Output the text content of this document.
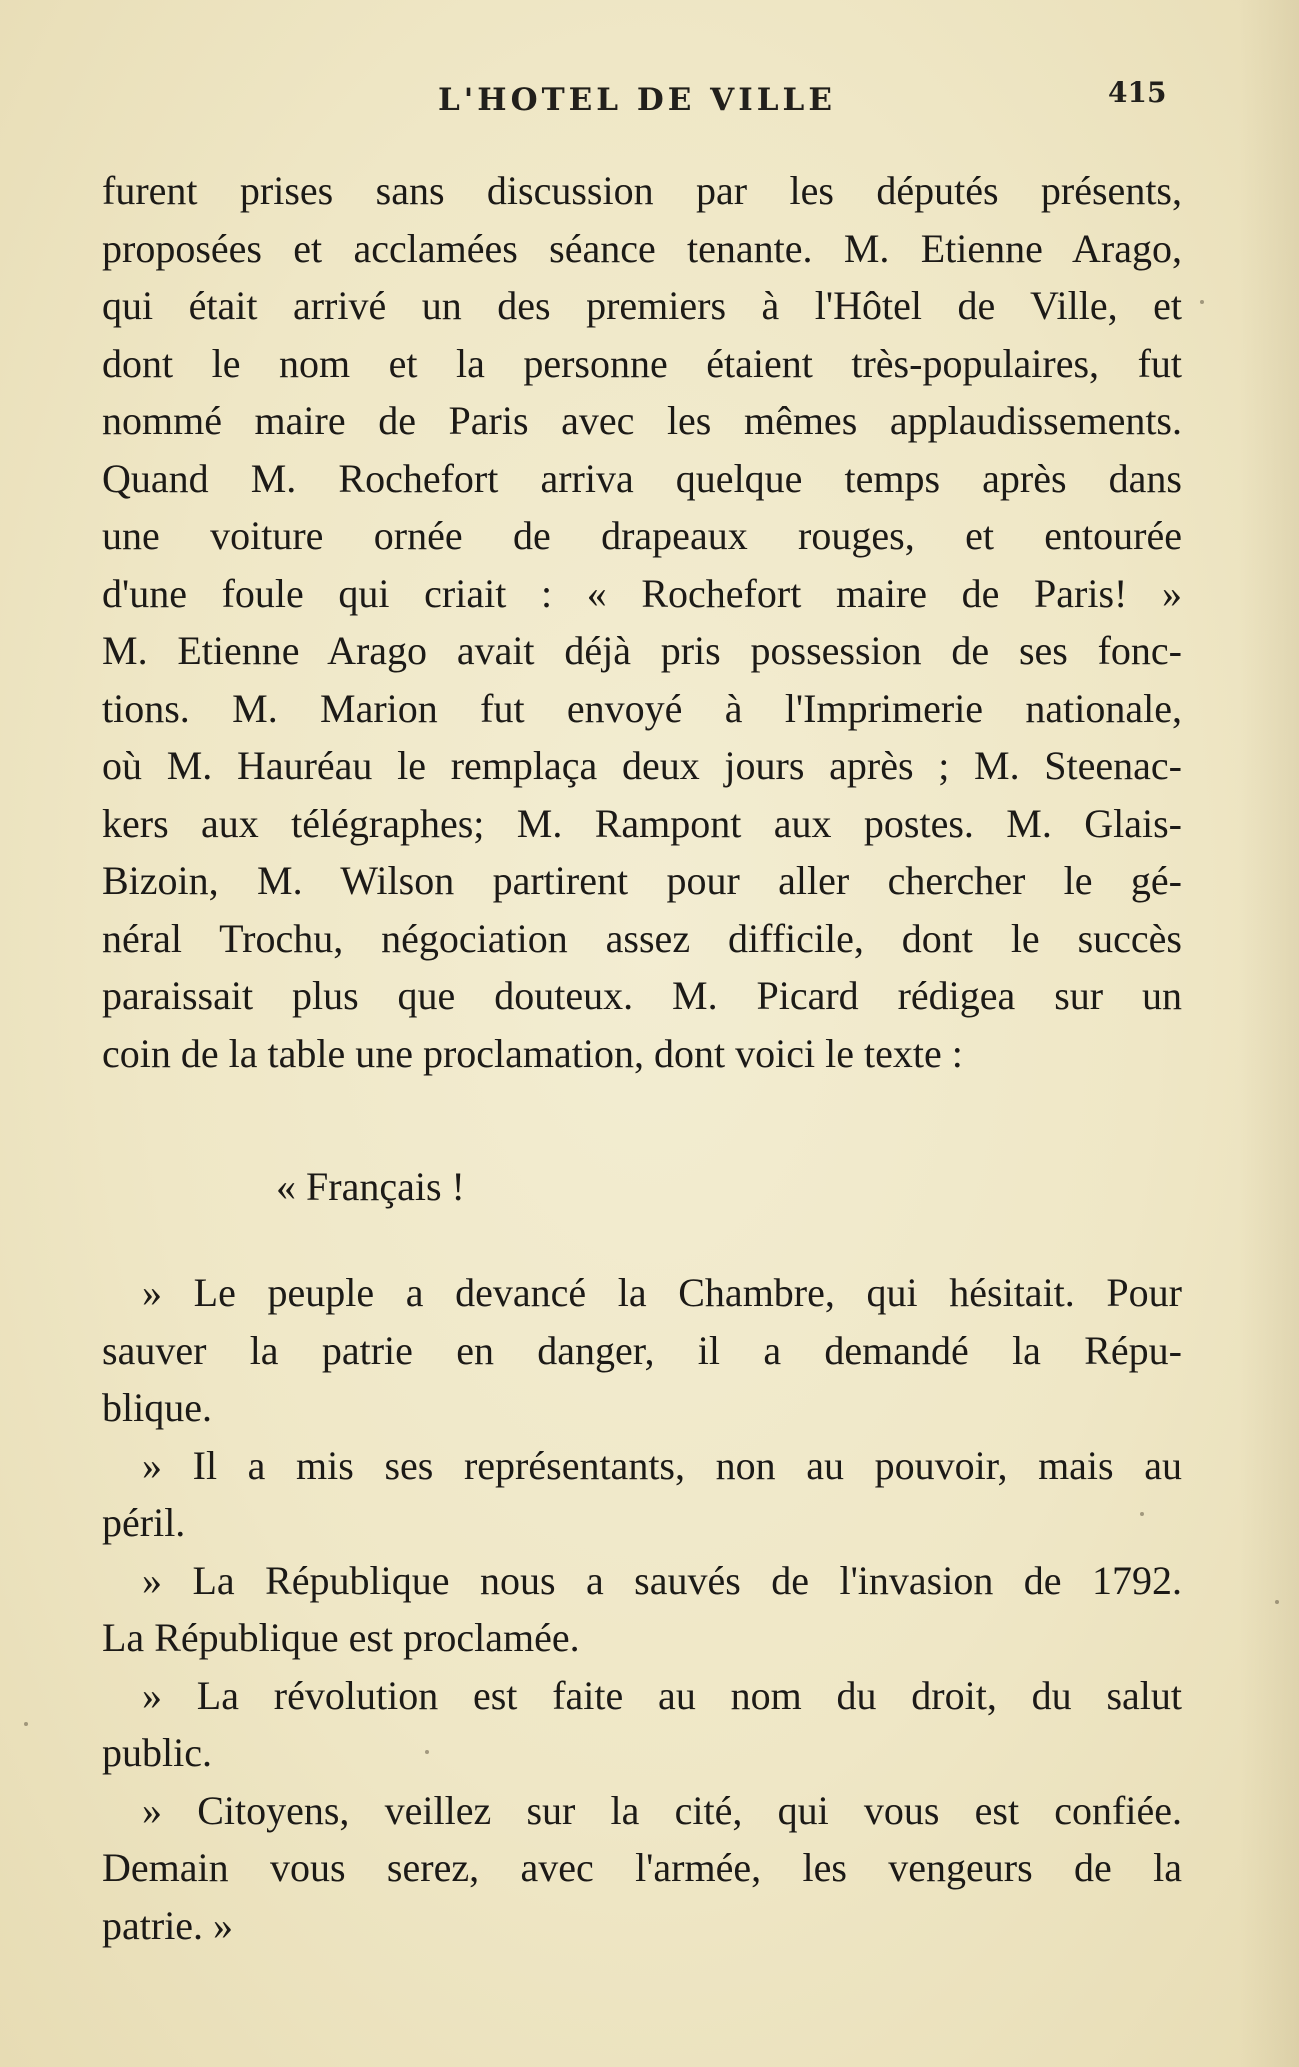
L'HOTEL DE VILLE	415
furent prises sans discussion par les députés présents,
proposées et acclamées séance tenante. M. Etienne Arago,
qui était arrivé un des premiers à l'Hôtel de Ville, et
dont le nom et la personne étaient très-populaires, fut
nommé maire de Paris avec les mêmes applaudissements.
Quand M. Rochefort arriva quelque temps après dans
une voiture ornée de drapeaux rouges, et entourée
d'une foule qui criait : « Rochefort maire de Paris! »
M. Etienne Arago avait déjà pris possession de ses fonc-
tions. M. Marion fut envoyé à l'Imprimerie nationale,
où M. Hauréau le remplaça deux jours après ; M. Steenac-
kers aux télégraphes; M. Rampont aux postes. M. Glais-
Bizoin, M. Wilson partirent pour aller chercher le gé-
néral Trochu, négociation assez difficile, dont le succès
paraissait plus que douteux. M. Picard rédigea sur un
coin de la table une proclamation, dont voici le texte :
« Français !
» Le peuple a devancé la Chambre, qui hésitait. Pour
sauver la patrie en danger, il a demandé la Répu-
blique.
» Il a mis ses représentants, non au pouvoir, mais au
péril.
» La République nous a sauvés de l'invasion de 1792.
La République est proclamée.
» La révolution est faite au nom du droit, du salut
public.
» Citoyens, veillez sur la cité, qui vous est confiée.
Demain vous serez, avec l'armée, les vengeurs de la
patrie. »
